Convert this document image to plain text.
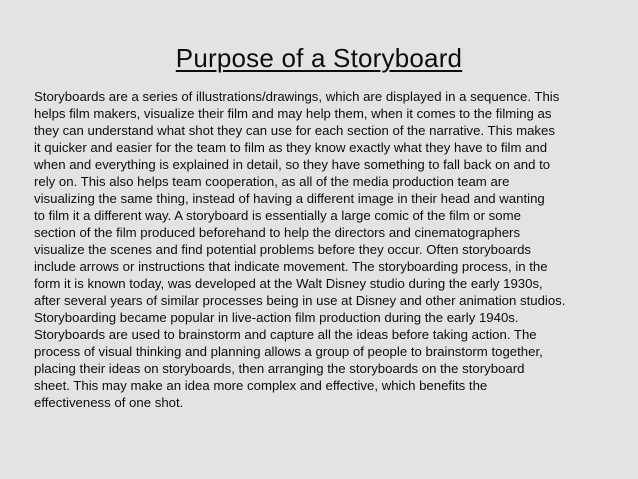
Purpose of a Storyboard
Storyboards are a series of illustrations/drawings, which are displayed in a sequence. This
helps film makers, visualize their film and may help them, when it comes to the filming as
they can understand what shot they can use for each section of the narrative. This makes
it quicker and easier for the team to film as they know exactly what they have to film and
when and everything is explained in detail, so they have something to fall back on and to
rely on. This also helps team cooperation, as all of the media production team are
visualizing the same thing, instead of having a different image in their head and wanting
to film it a different way. A storyboard is essentially a large comic of the film or some
section of the film produced beforehand to help the directors and cinematographers
visualize the scenes and find potential problems before they occur. Often storyboards
include arrows or instructions that indicate movement. The storyboarding process, in the
form it is known today, was developed at the Walt Disney studio during the early 1930s,
after several years of similar processes being in use at Disney and other animation studios.
Storyboarding became popular in live-action film production during the early 1940s.
Storyboards are used to brainstorm and capture all the ideas before taking action. The
process of visual thinking and planning allows a group of people to brainstorm together,
placing their ideas on storyboards, then arranging the storyboards on the storyboard
sheet. This may make an idea more complex and effective, which benefits the
effectiveness of one shot.
